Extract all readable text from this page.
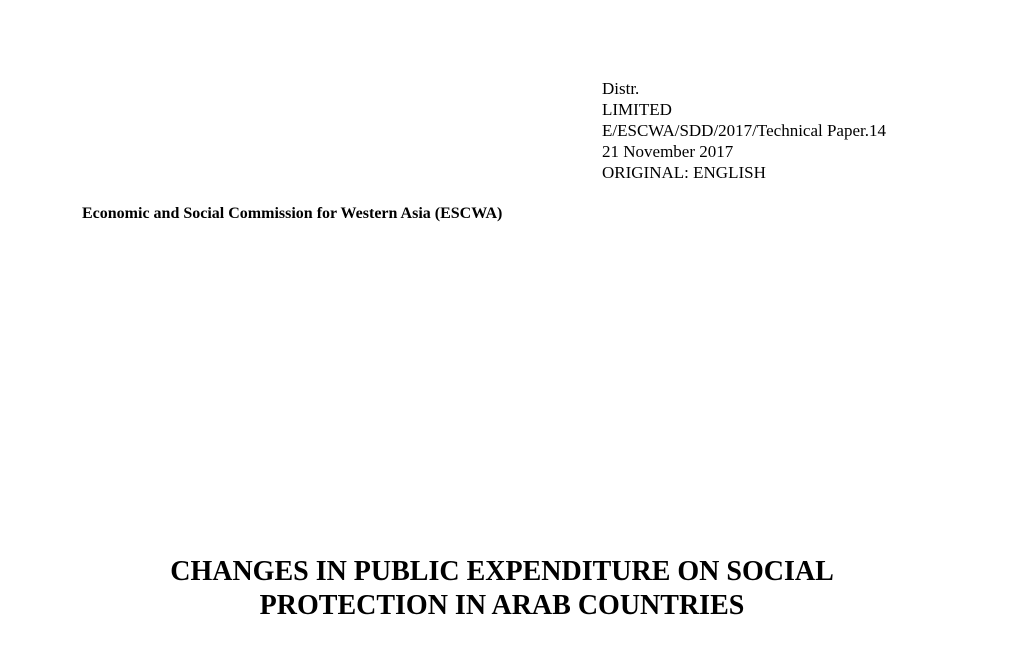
Distr.
LIMITED
E/ESCWA/SDD/2017/Technical Paper.14
21 November 2017
ORIGINAL: ENGLISH
Economic and Social Commission for Western Asia (ESCWA)
CHANGES IN PUBLIC EXPENDITURE ON SOCIAL
PROTECTION IN ARAB COUNTRIES
